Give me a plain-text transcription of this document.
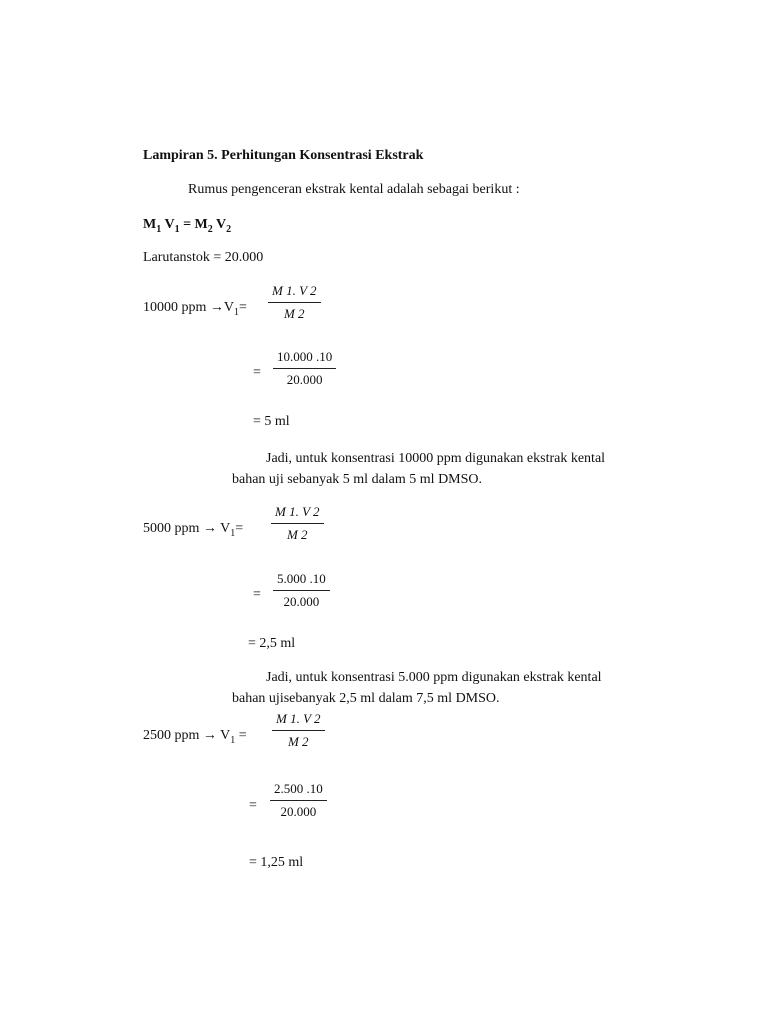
Lampiran 5. Perhitungan Konsentrasi Ekstrak
Rumus pengenceran ekstrak kental adalah sebagai berikut :
$M_1$ $V_1 = M_2$ $V_2$
Larutanstok = 20.000
10000 ppm $\to V_1=$
M 1. V 2
M 2
=
10.000 .10
20.000
= 5 ml
Jadi, untuk konsentrasi 10000 ppm digunakan ekstrak kental
bahan uji sebanyak 5 ml dalam 5 ml DMSO.
5000 ppm → $V_1=$
M 1. V 2
M 2
=
5.000 .10
20.000
= 2,5 ml
Jadi, untuk konsentrasi 5.000 ppm digunakan ekstrak kental
bahan ujisebanyak 2,5 ml dalam 7,5 ml DMSO.
2500 ppm → $V_1$ =
M 1. V 2
M 2
=
2.500 .10
20.000
= 1,25 ml
